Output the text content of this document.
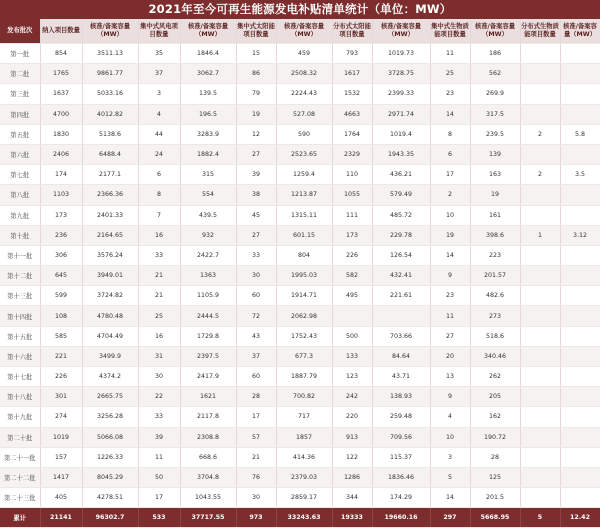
2021年至今可再生能源发电补贴清单统计（单位：MW）
发布批次	纳入项目数量	核准/备案容量（MW）	集中式风电项目数量	核准/备案容量（MW）	集中式太阳能项目数量	核准/备案容量（MW）	分布式太阳能项目数量	核准/备案容量（MW）	集中式生物质能项目数量	核准/备案容量（MW）	分布式生物质能项目数量	核准/备案容量（MW）
第一批	854	3511.13	35	1846.4	15	459	793	1019.73	11	186		
第二批	1765	9861.77	37	3062.7	86	2508.32	1617	3728.75	25	562		
第三批	1637	5033.16	3	139.5	79	2224.43	1532	2399.33	23	269.9		
第四批	4700	4012.82	4	196.5	19	527.08	4663	2971.74	14	317.5		
第五批	1830	5138.6	44	3283.9	12	590	1764	1019.4	8	239.5	2	5.8
第六批	2406	6488.4	24	1882.4	27	2523.65	2329	1943.35	6	139		
第七批	174	2177.1	6	315	39	1259.4	110	436.21	17	163	2	3.5
第八批	1103	2366.36	8	554	38	1213.87	1055	579.49	2	19		
第九批	173	2401.33	7	439.5	45	1315.11	111	485.72	10	161		
第十批	236	2164.65	16	932	27	601.15	173	229.78	19	398.6	1	3.12
第十一批	306	3576.24	33	2422.7	33	804	226	126.54	14	223		
第十二批	645	3949.01	21	1363	30	1995.03	582	432.41	9	201.57		
第十三批	599	3724.82	21	1105.9	60	1914.71	495	221.61	23	482.6		
第十四批	108	4780.48	25	2444.5	72	2062.98			11	273		
第十五批	585	4704.49	16	1729.8	43	1752.43	500	703.66	27	518.6		
第十六批	221	3499.9	31	2397.5	37	677.3	133	84.64	20	340.46		
第十七批	226	4374.2	30	2417.9	60	1887.79	123	43.71	13	262		
第十八批	301	2665.75	22	1621	28	700.82	242	138.93	9	205		
第十九批	274	3256.28	33	2117.8	17	717	220	259.48	4	162		
第二十批	1019	5066.08	39	2308.8	57	1857	913	709.56	10	190.72		
第二十一批	157	1226.33	11	668.6	21	414.36	122	115.37	3	28		
第二十二批	1417	8045.29	50	3704.8	76	2379.03	1286	1836.46	5	125		
第二十三批	405	4278.51	17	1043.55	30	2859.17	344	174.29	14	201.5		
累计	21141	96302.7	533	37717.55	973	33243.63	19333	19660.16	297	5668.95	5	12.42
